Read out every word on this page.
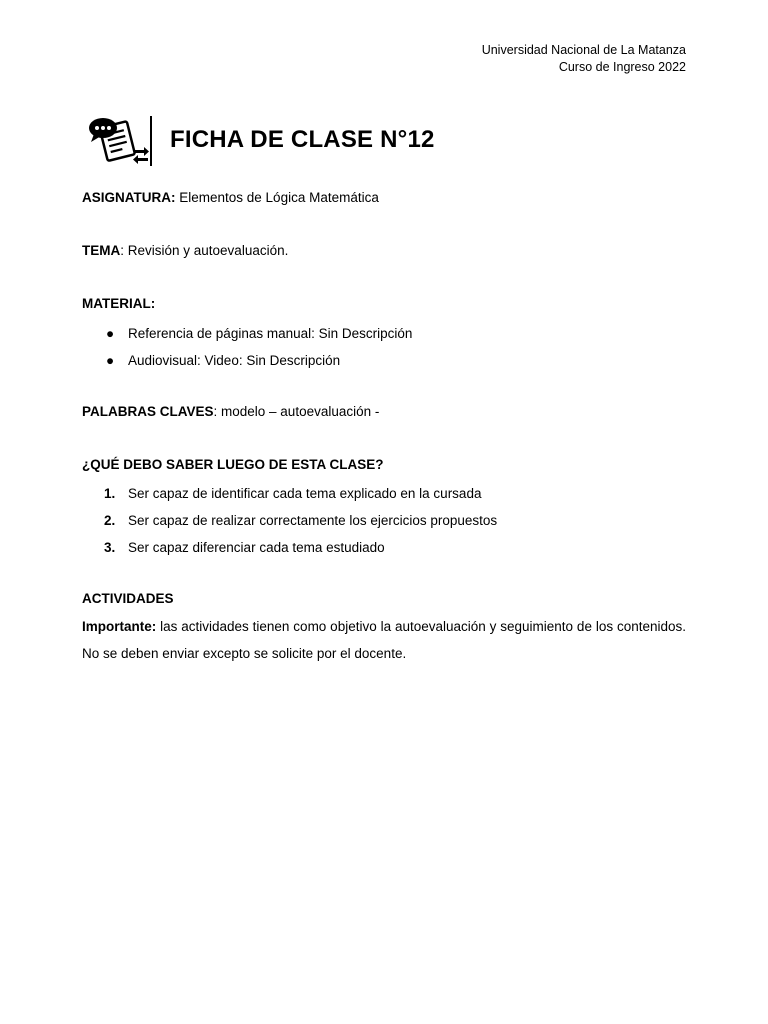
Universidad Nacional de La Matanza
Curso de Ingreso 2022
FICHA DE CLASE N°12
ASIGNATURA: Elementos de Lógica Matemática
TEMA: Revisión y autoevaluación.
MATERIAL:
● Referencia de páginas manual: Sin Descripción
● Audiovisual: Video: Sin Descripción
PALABRAS CLAVES: modelo – autoevaluación -
¿QUÉ DEBO SABER LUEGO DE ESTA CLASE?
1. Ser capaz de identificar cada tema explicado en la cursada
2. Ser capaz de realizar correctamente los ejercicios propuestos
3. Ser capaz diferenciar cada tema estudiado
ACTIVIDADES
Importante: las actividades tienen como objetivo la autoevaluación y seguimiento de los contenidos. No se deben enviar excepto se solicite por el docente.
